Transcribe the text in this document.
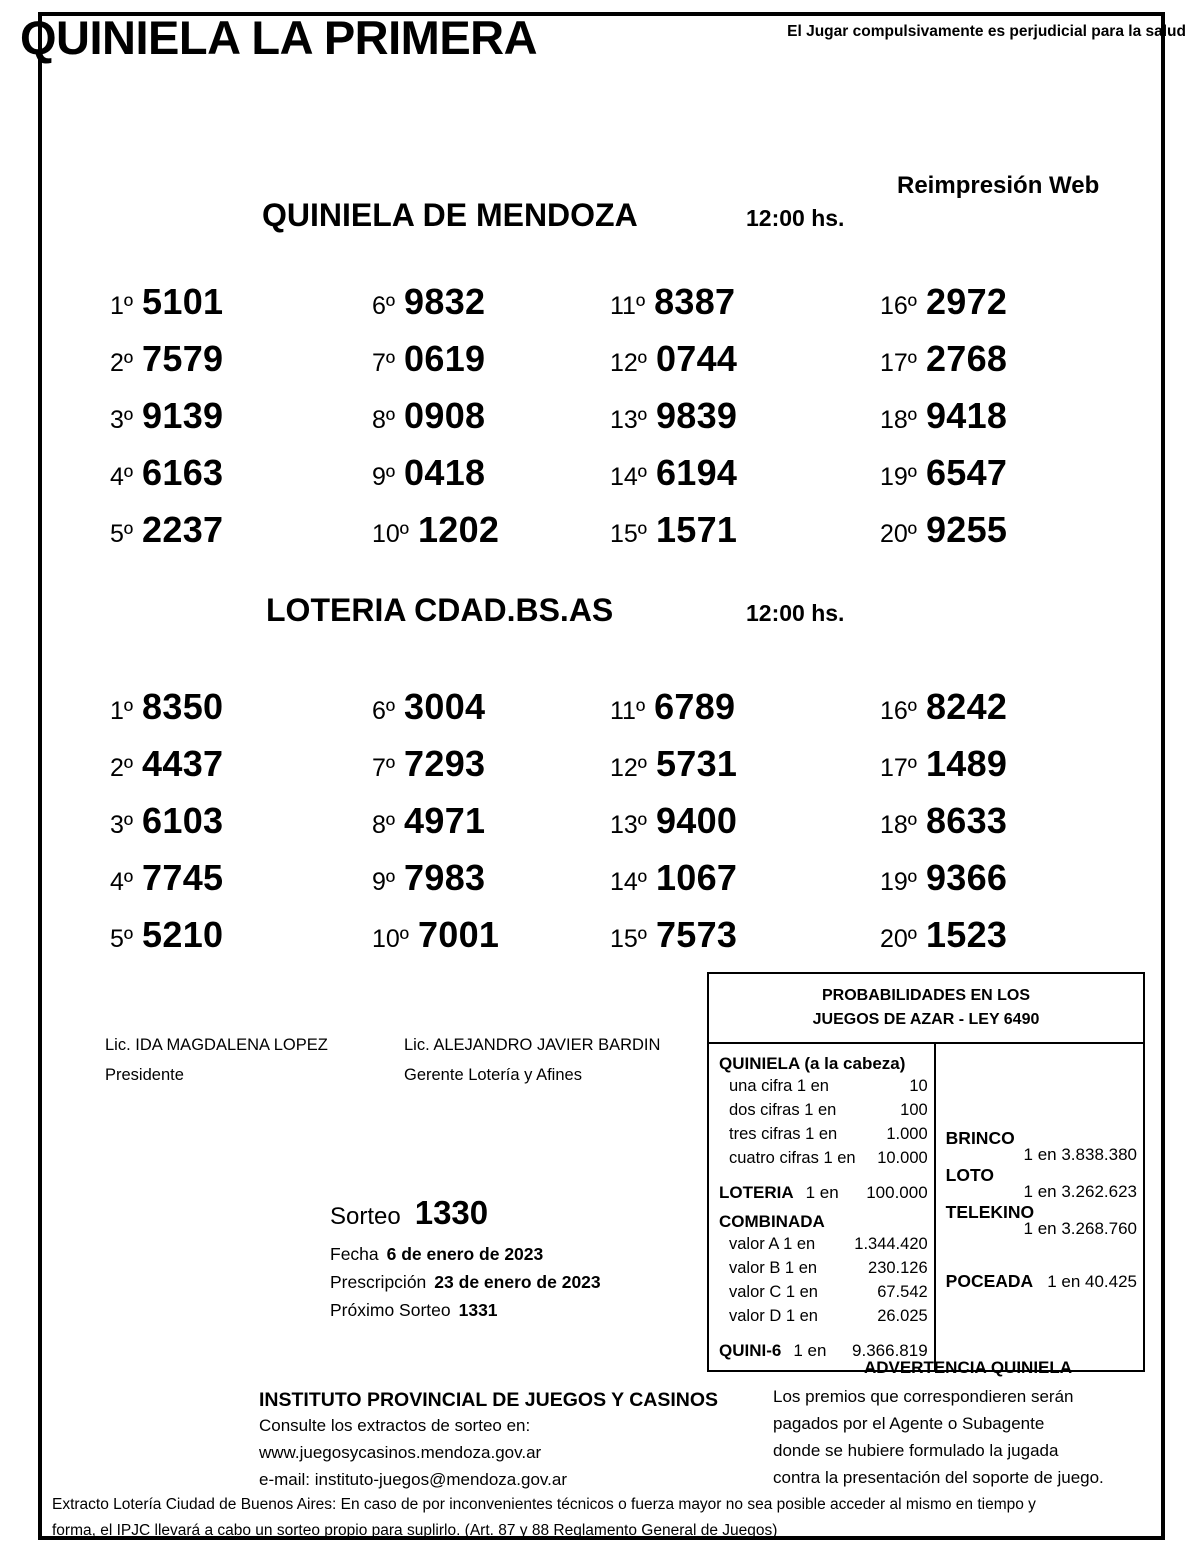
QUINIELA LA PRIMERA	El Jugar compulsivamente es perjudicial para la salud
Reimpresión Web
QUINIELA DE MENDOZA	12:00 hs.
1º 5101	6º 9832	11º 8387	16º 2972
2º 7579	7º 0619	12º 0744	17º 2768
3º 9139	8º 0908	13º 9839	18º 9418
4º 6163	9º 0418	14º 6194	19º 6547
5º 2237	10º 1202	15º 1571	20º 9255
LOTERIA CDAD.BS.AS	12:00 hs.
1º 8350	6º 3004	11º 6789	16º 8242
2º 4437	7º 7293	12º 5731	17º 1489
3º 6103	8º 4971	13º 9400	18º 8633
4º 7745	9º 7983	14º 1067	19º 9366
5º 5210	10º 7001	15º 7573	20º 1523
Lic. IDA MAGDALENA LOPEZ
Presidente
Lic. ALEJANDRO JAVIER BARDIN
Gerente Lotería y Afines
Sorteo 1330
Fecha 6 de enero de 2023
Prescripción 23 de enero de 2023
Próximo Sorteo 1331
PROBABILIDADES EN LOS
JUEGOS DE AZAR - LEY 6490
QUINIELA (a la cabeza)
una cifra 1 en	10
dos cifras 1 en	100
tres cifras 1 en	1.000
cuatro cifras 1 en 10.000
LOTERIA 1 en 100.000
COMBINADA
valor A 1 en 1.344.420
valor B 1 en	230.126
valor C 1 en	67.542
valor D 1 en	26.025
QUINI-6 1 en 9.366.819
BRINCO
1 en 3.838.380
LOTO
1 en 3.262.623
TELEKINO
1 en 3.268.760
POCEADA 1 en 40.425
ADVERTENCIA QUINIELA
Los premios que correspondieren serán
pagados por el Agente o Subagente
donde se hubiere formulado la jugada
contra la presentación del soporte de juego.
INSTITUTO PROVINCIAL DE JUEGOS Y CASINOS
Consulte los extractos de sorteo en:
www.juegosycasinos.mendoza.gov.ar
e-mail: instituto-juegos@mendoza.gov.ar
Extracto Lotería Ciudad de Buenos Aires: En caso de por inconvenientes técnicos o fuerza mayor no sea posible acceder al mismo en tiempo y
forma, el IPJC llevará a cabo un sorteo propio para suplirlo. (Art. 87 y 88 Reglamento General de Juegos)
